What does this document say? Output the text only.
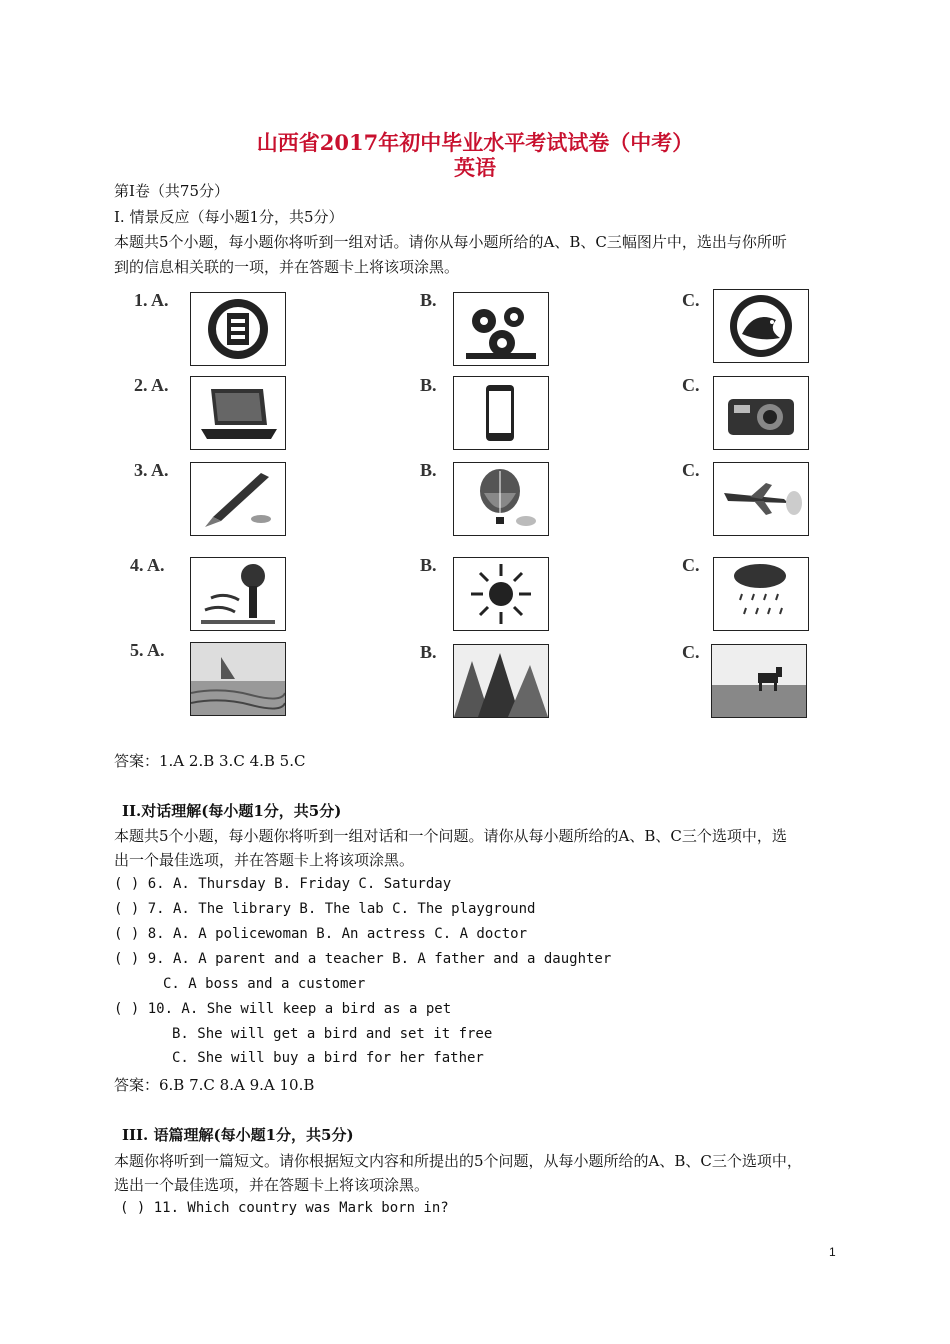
山西省2017年初中毕业水平考试试卷（中考）
英语
第I卷（共75分）
I. 情景反应（每小题1分，共5分）
本题共5个小题，每小题你将听到一组对话。请你从每小题所给的A、B、C三幅图片中，选出与你所听
到的信息相关联的一项，并在答题卡上将该项涂黑。
1. A.	B.	C.
2. A.	B.	C.
3. A.	B.	C.
4. A.	B.	C.
5. A.	B.	C.
答案：1.A 2.B 3.C 4.B 5.C
II.对话理解(每小题1分，共5分)
本题共5个小题，每小题你将听到一组对话和一个问题。请你从每小题所给的A、B、C三个选项中，选
出一个最佳选项，并在答题卡上将该项涂黑。
( ) 6. A. Thursday B. Friday C. Saturday
( ) 7. A. The library B. The lab C. The playground
( ) 8. A. A policewoman B. An actress C. A doctor
( ) 9. A. A parent and a teacher B. A father and a daughter
C. A boss and a customer
( ) 10. A. She will keep a bird as a pet
B. She will get a bird and set it free
C. She will buy a bird for her father
答案：6.B 7.C 8.A 9.A 10.B
III. 语篇理解(每小题1分，共5分)
本题你将听到一篇短文。请你根据短文内容和所提出的5个问题，从每小题所给的A、B、C三个选项中，
选出一个最佳选项，并在答题卡上将该项涂黑。
( ) 11. Which country was Mark born in?
1
